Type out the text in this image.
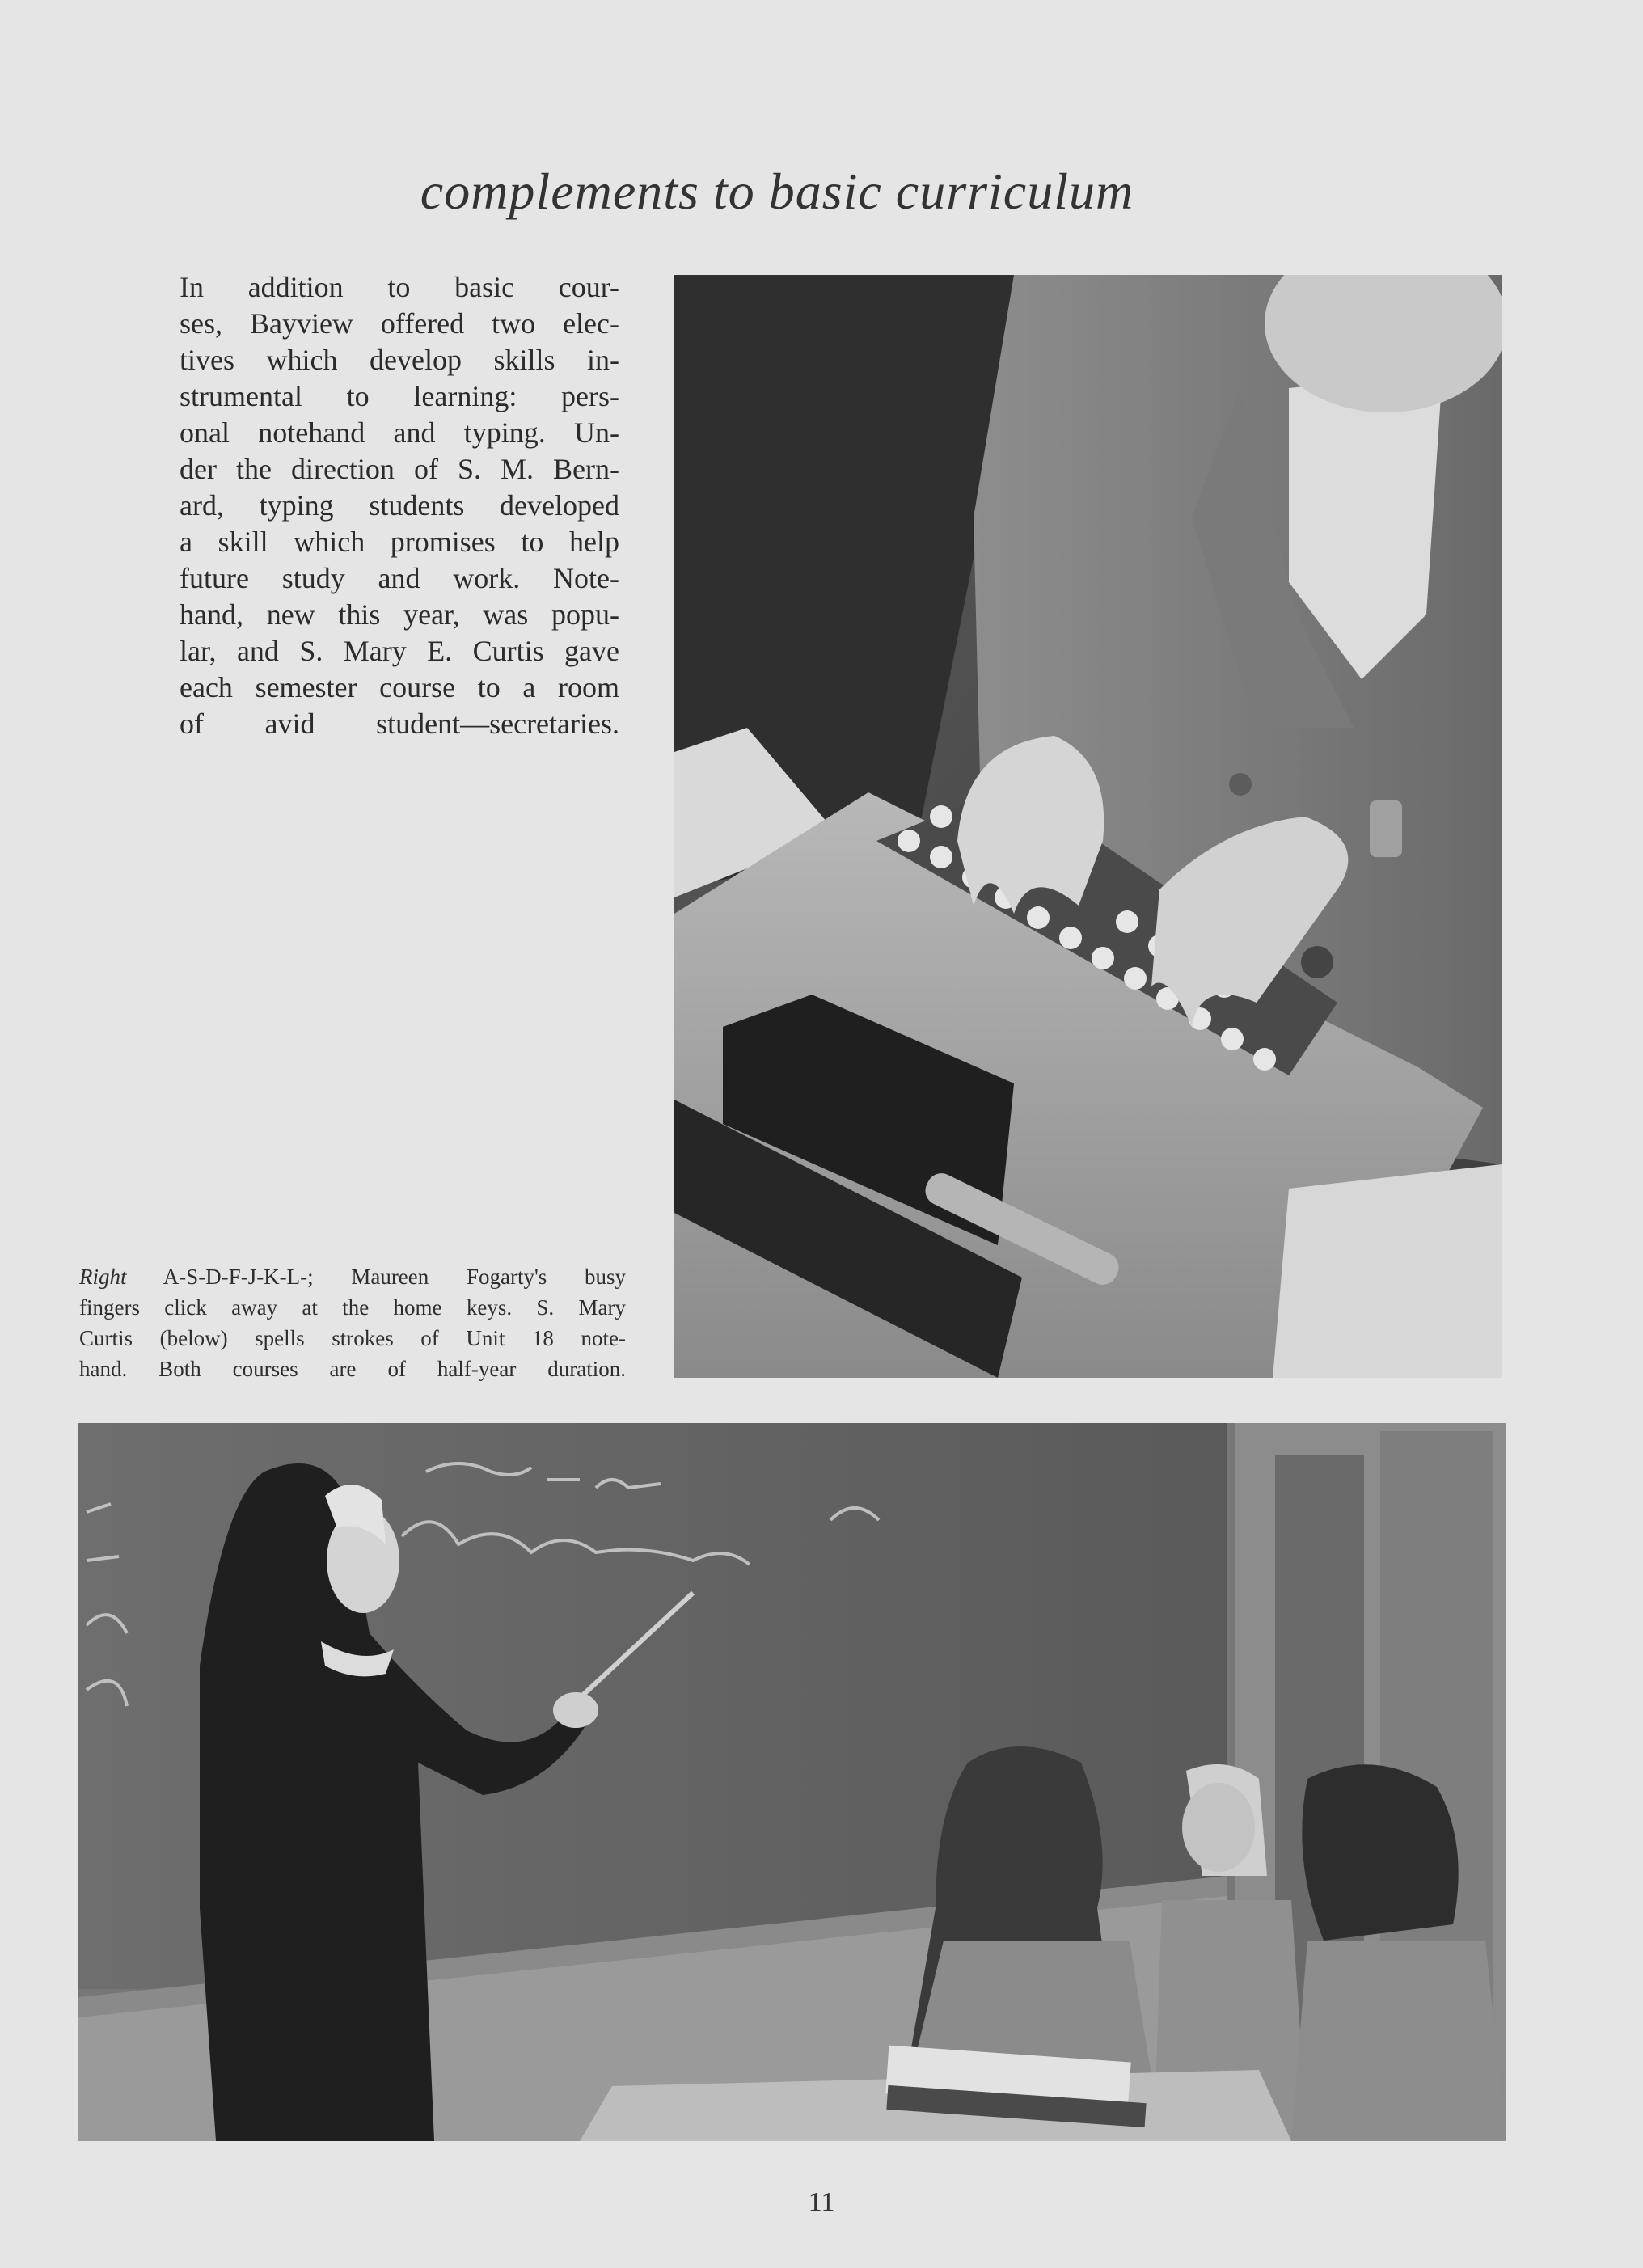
complements to basic curriculum
In addition to basic cour-
ses, Bayview offered two elec-
tives which develop skills in-
strumental to learning: pers-
onal notehand and typing. Un-
der the direction of S. M. Bern-
ard, typing students developed
a skill which promises to help
future study and work. Note-
hand, new this year, was popu-
lar, and S. Mary E. Curtis gave
each semester course to a room
of avid student—secretaries.
Right A-S-D-F-J-K-L-; Maureen Fogarty's busy
fingers click away at the home keys. S. Mary
Curtis (below) spells strokes of Unit 18 note-
hand. Both courses are of half-year duration.
11
